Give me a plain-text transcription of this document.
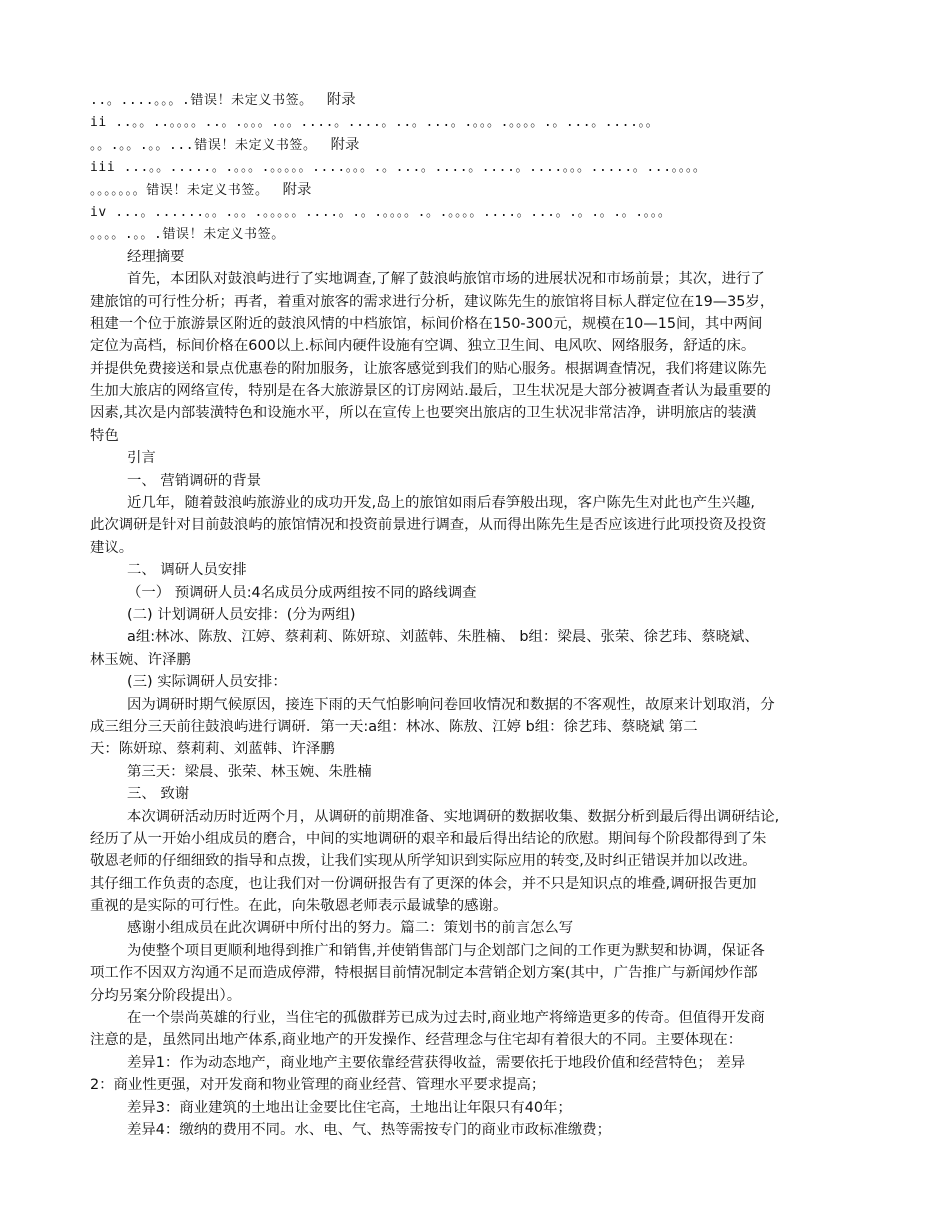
..。....。。。.错误！未定义书签。 附录
ii ..。。..。。。。..。.。。。.。。....。....。..。...。.。。。.。。。。.。...。....。。
。。.。。.。。...错误！未定义书签。 附录
iii ...。。.....。.。。。.。。。。。....。。。.。...。....。....。....。。。.....。...。。。。
。。。。。。。错误！未定义书签。 附录
iv ...。......。。.。。.。。。。。....。.。.。。。。.。.。。。。....。...。.。.。.。.。。。
。。。。.。。.错误！未定义书签。
经理摘要
首先，本团队对鼓浪屿进行了实地调查,了解了鼓浪屿旅馆市场的进展状况和市场前景；其次，进行了
建旅馆的可行性分析；再者，着重对旅客的需求进行分析，建议陈先生的旅馆将目标人群定位在19—35岁，
租建一个位于旅游景区附近的鼓浪风情的中档旅馆，标间价格在150-300元，规模在10—15间，其中两间
定位为高档，标间价格在600以上.标间内硬件设施有空调、独立卫生间、电风吹、网络服务，舒适的床。
并提供免费接送和景点优惠卷的附加服务，让旅客感觉到我们的贴心服务。根据调查情况，我们将建议陈先
生加大旅店的网络宣传，特别是在各大旅游景区的订房网站.最后，卫生状况是大部分被调查者认为最重要的
因素,其次是内部装潢特色和设施水平，所以在宣传上也要突出旅店的卫生状况非常洁净，讲明旅店的装潢
特色
引言
一、 营销调研的背景
近几年，随着鼓浪屿旅游业的成功开发,岛上的旅馆如雨后春笋般出现，客户陈先生对此也产生兴趣,
此次调研是针对目前鼓浪屿的旅馆情况和投资前景进行调查，从而得出陈先生是否应该进行此项投资及投资
建议。
二、 调研人员安排
（一） 预调研人员:4名成员分成两组按不同的路线调查
(二) 计划调研人员安排：(分为两组)
a组:林冰、陈敖、江婷、蔡莉莉、陈妍琼、刘蓝韩、朱胜楠、 b组：梁晨、张荣、徐艺玮、蔡晓斌、
林玉婉、许泽鹏
(三) 实际调研人员安排：
因为调研时期气候原因，接连下雨的天气怕影响问卷回收情况和数据的不客观性，故原来计划取消，分
成三组分三天前往鼓浪屿进行调研．第一天:a组：林冰、陈敖、江婷 b组：徐艺玮、蔡晓斌 第二
天：陈妍琼、蔡莉莉、刘蓝韩、许泽鹏
第三天：梁晨、张荣、林玉婉、朱胜楠
三、 致谢
本次调研活动历时近两个月，从调研的前期准备、实地调研的数据收集、数据分析到最后得出调研结论,
经历了从一开始小组成员的磨合，中间的实地调研的艰辛和最后得出结论的欣慰。期间每个阶段都得到了朱
敬恩老师的仔细细致的指导和点拨，让我们实现从所学知识到实际应用的转变,及时纠正错误并加以改进。
其仔细工作负责的态度，也让我们对一份调研报告有了更深的体会，并不只是知识点的堆叠,调研报告更加
重视的是实际的可行性。在此，向朱敬恩老师表示最诚挚的感谢。
感谢小组成员在此次调研中所付出的努力。篇二：策划书的前言怎么写
为使整个项目更顺利地得到推广和销售,并使销售部门与企划部门之间的工作更为默契和协调，保证各
项工作不因双方沟通不足而造成停滞，特根据目前情况制定本营销企划方案(其中，广告推广与新闻炒作部
分均另案分阶段提出）。
在一个崇尚英雄的行业，当住宅的孤傲群芳已成为过去时,商业地产将缔造更多的传奇。但值得开发商
注意的是，虽然同出地产体系,商业地产的开发操作、经营理念与住宅却有着很大的不同。主要体现在：
差异1：作为动态地产，商业地产主要依靠经营获得收益，需要依托于地段价值和经营特色； 差异
2：商业性更强，对开发商和物业管理的商业经营、管理水平要求提高；
差异3：商业建筑的土地出让金要比住宅高，土地出让年限只有40年；
差异4：缴纳的费用不同。水、电、气、热等需按专门的商业市政标准缴费；
